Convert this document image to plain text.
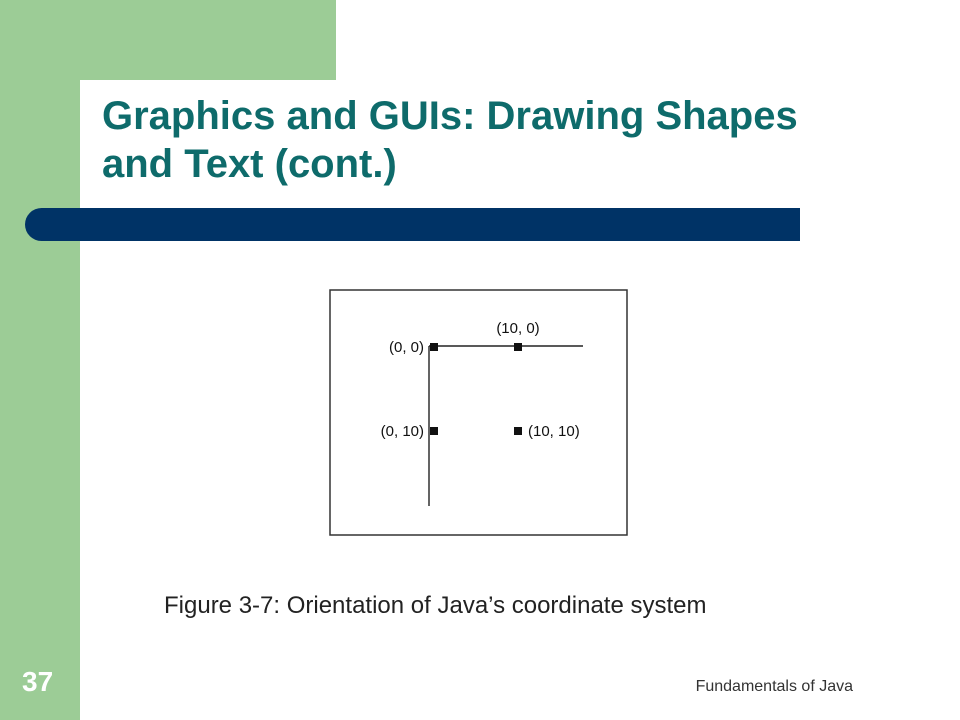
Graphics and GUIs: Drawing Shapes and Text (cont.)
(0, 0)
(10, 0)
(0, 10)	(10, 10)
Figure 3-7: Orientation of Java’s coordinate system
37	Fundamentals of Java
